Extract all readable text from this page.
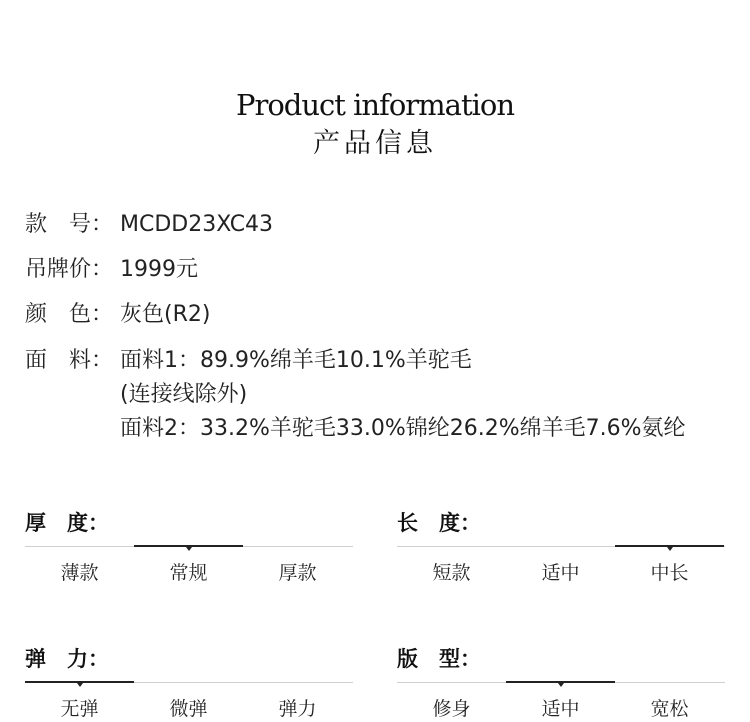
Product information
产品信息
款　号： MCDD23XC43
吊牌价： 1999元
颜　色： 灰色(R2)
面　料： 面料1：89.9%绵羊毛10.1%羊驼毛
(连接线除外)
面料2：33.2%羊驼毛33.0%锦纶26.2%绵羊毛7.6%氨纶
厚　度：
薄款	常规	厚款
长　度：
短款	适中	中长
弹　力：
无弹	微弹	弹力
版　型：
修身	适中	宽松
